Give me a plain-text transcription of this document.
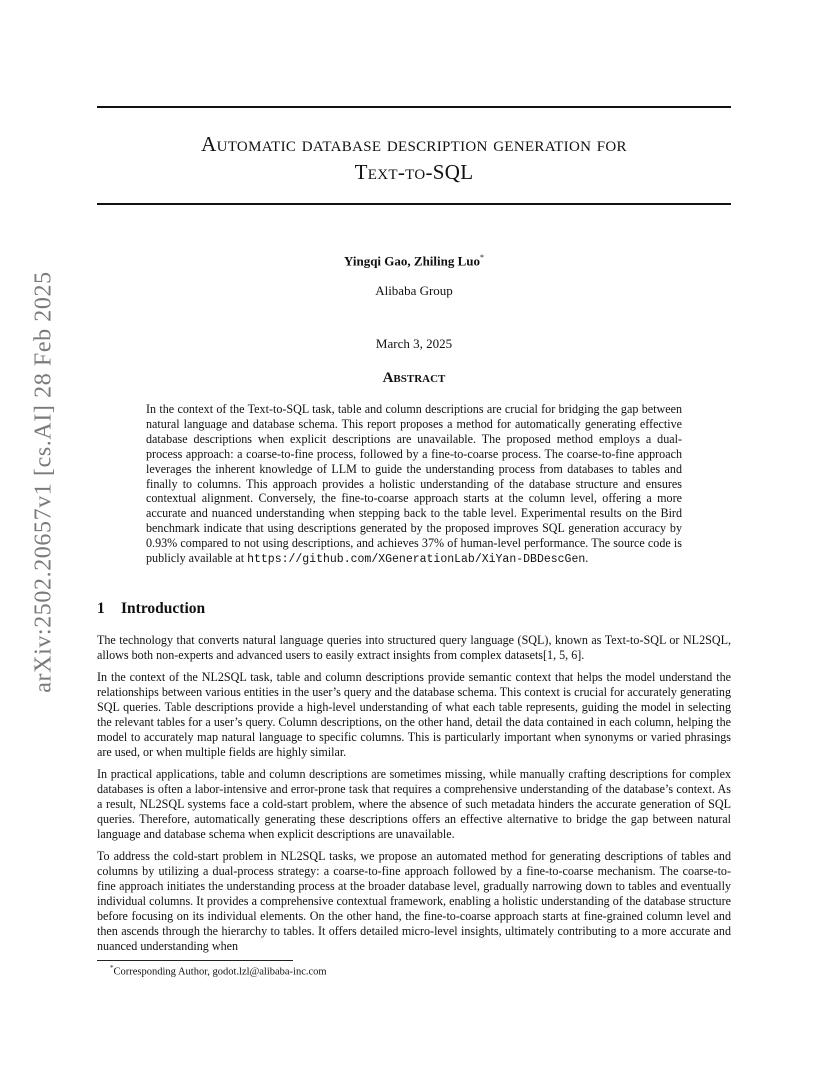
arXiv:2502.20657v1 [cs.AI] 28 Feb 2025
Automatic database description generation for
Text-to-SQL
Yingqi Gao, Zhiling Luo*
Alibaba Group
March 3, 2025
Abstract
In the context of the Text-to-SQL task, table and column descriptions are crucial for bridging the gap between natural language and database schema. This report proposes a method for automatically generating effective database descriptions when explicit descriptions are unavailable. The proposed method employs a dual-process approach: a coarse-to-fine process, followed by a fine-to-coarse process. The coarse-to-fine approach leverages the inherent knowledge of LLM to guide the understanding process from databases to tables and finally to columns. This approach provides a holistic understanding of the database structure and ensures contextual alignment. Conversely, the fine-to-coarse approach starts at the column level, offering a more accurate and nuanced understanding when stepping back to the table level. Experimental results on the Bird benchmark indicate that using descriptions generated by the proposed improves SQL generation accuracy by 0.93% compared to not using descriptions, and achieves 37% of human-level performance. The source code is publicly available at https://github.com/XGenerationLab/XiYan-DBDescGen.
1 Introduction

The technology that converts natural language queries into structured query language (SQL), known as Text-to-SQL or NL2SQL, allows both non-experts and advanced users to easily extract insights from complex datasets[1, 5, 6].

In the context of the NL2SQL task, table and column descriptions provide semantic context that helps the model understand the relationships between various entities in the user’s query and the database schema. This context is crucial for accurately generating SQL queries. Table descriptions provide a high-level understanding of what each table represents, guiding the model in selecting the relevant tables for a user’s query. Column descriptions, on the other hand, detail the data contained in each column, helping the model to accurately map natural language to specific columns. This is particularly important when synonyms or varied phrasings are used, or when multiple fields are highly similar.

In practical applications, table and column descriptions are sometimes missing, while manually crafting descriptions for complex databases is often a labor-intensive and error-prone task that requires a comprehensive understanding of the database’s context. As a result, NL2SQL systems face a cold-start problem, where the absence of such metadata hinders the accurate generation of SQL queries. Therefore, automatically generating these descriptions offers an effective alternative to bridge the gap between natural language and database schema when explicit descriptions are unavailable.

To address the cold-start problem in NL2SQL tasks, we propose an automated method for generating descriptions of tables and columns by utilizing a dual-process strategy: a coarse-to-fine approach followed by a fine-to-coarse mechanism. The coarse-to-fine approach initiates the understanding process at the broader database level, gradually narrowing down to tables and eventually individual columns. It provides a comprehensive contextual framework, enabling a holistic understanding of the database structure before focusing on its individual elements. On the other hand, the fine-to-coarse approach starts at fine-grained column level and then ascends through the hierarchy to tables. It offers detailed micro-level insights, ultimately contributing to a more accurate and nuanced understanding when

*Corresponding Author, godot.lzl@alibaba-inc.com
